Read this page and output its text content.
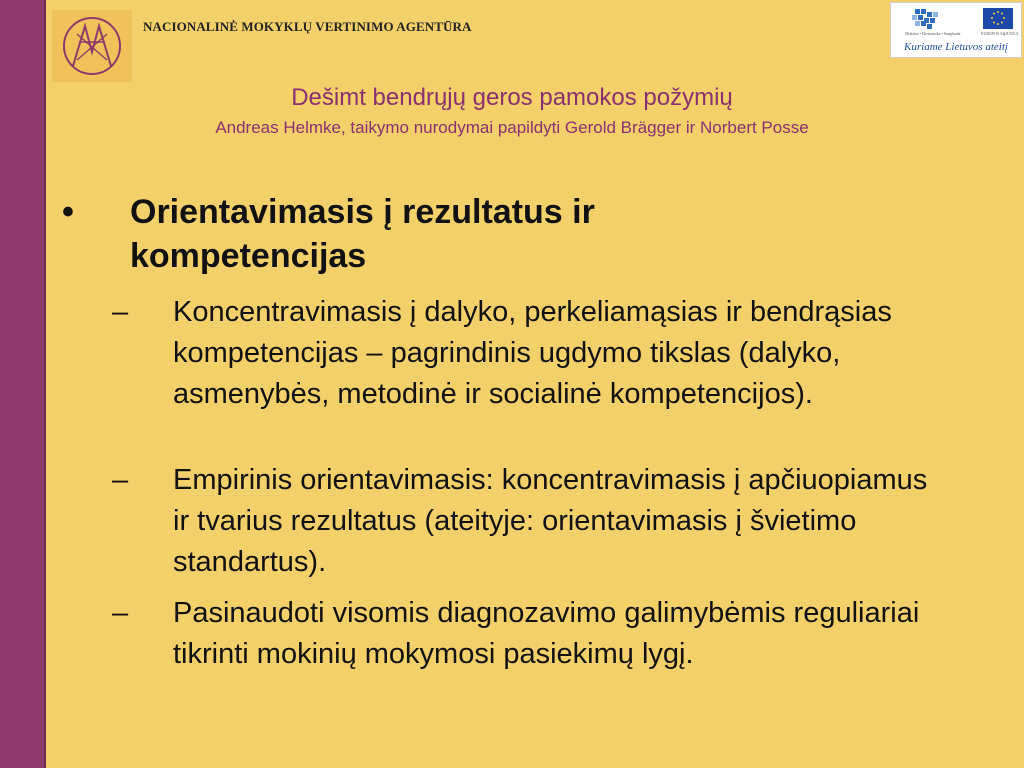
NACIONALINĖ MOKYKLŲ VERTINIMO AGENTŪRA	Mokslas • Ekonomika • Sanglauda	EUROPOS SĄJUNGA
Kuriame Lietuvos ateitį
Dešimt bendrųjų geros pamokos požymių
Andreas Helmke, taikymo nurodymai papildyti Gerold Brägger ir Norbert Posse
• Orientavimasis į rezultatus ir kompetencijas
– Koncentravimasis į dalyko, perkeliamąsias ir bendrąsias kompetencijas – pagrindinis ugdymo tikslas (dalyko, asmenybės, metodinė ir socialinė kompetencijos).
– Empirinis orientavimasis: koncentravimasis į apčiuopiamus ir tvarius rezultatus (ateityje: orientavimasis į švietimo standartus).
– Pasinaudoti visomis diagnozavimo galimybėmis reguliariai tikrinti mokinių mokymosi pasiekimų lygį.
